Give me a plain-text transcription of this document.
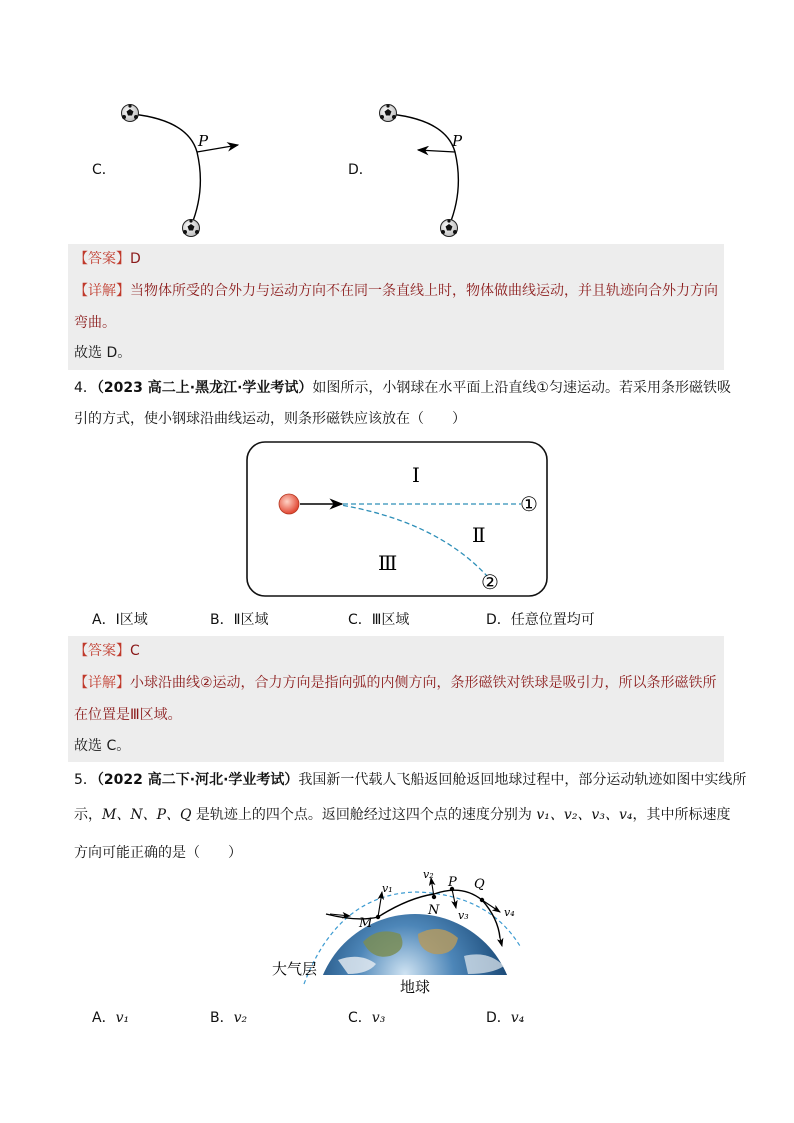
C．
P
D．
P
【答案】D
【详解】当物体所受的合外力与运动方向不在同一条直线上时，物体做曲线运动，并且轨迹向合外力方向
弯曲。
故选 D。
4．（2023 高二上·黑龙江·学业考试）如图所示，小钢球在水平面上沿直线①匀速运动。若采用条形磁铁吸
引的方式，使小钢球沿曲线运动，则条形磁铁应该放在（　　）
Ⅰ
Ⅱ
Ⅲ
①
②
A．Ⅰ区域	B．Ⅱ区域	C．Ⅲ区域	D．任意位置均可
【答案】C
【详解】小球沿曲线②运动，合力方向是指向弧的内侧方向，条形磁铁对铁球是吸引力，所以条形磁铁所
在位置是Ⅲ区域。
故选 C。
5．（2022 高二下·河北·学业考试）我国新一代载人飞船返回舱返回地球过程中，部分运动轨迹如图中实线所
示，M、N、P、Q 是轨迹上的四个点。返回舱经过这四个点的速度分别为 v₁、v₂、v₃、v₄，其中所标速度
方向可能正确的是（　　）
M
N
P Q
v₁
v₂
v₃	v₄
大气层
地球
A．v₁	B．v₂	C．v₃	D．v₄
